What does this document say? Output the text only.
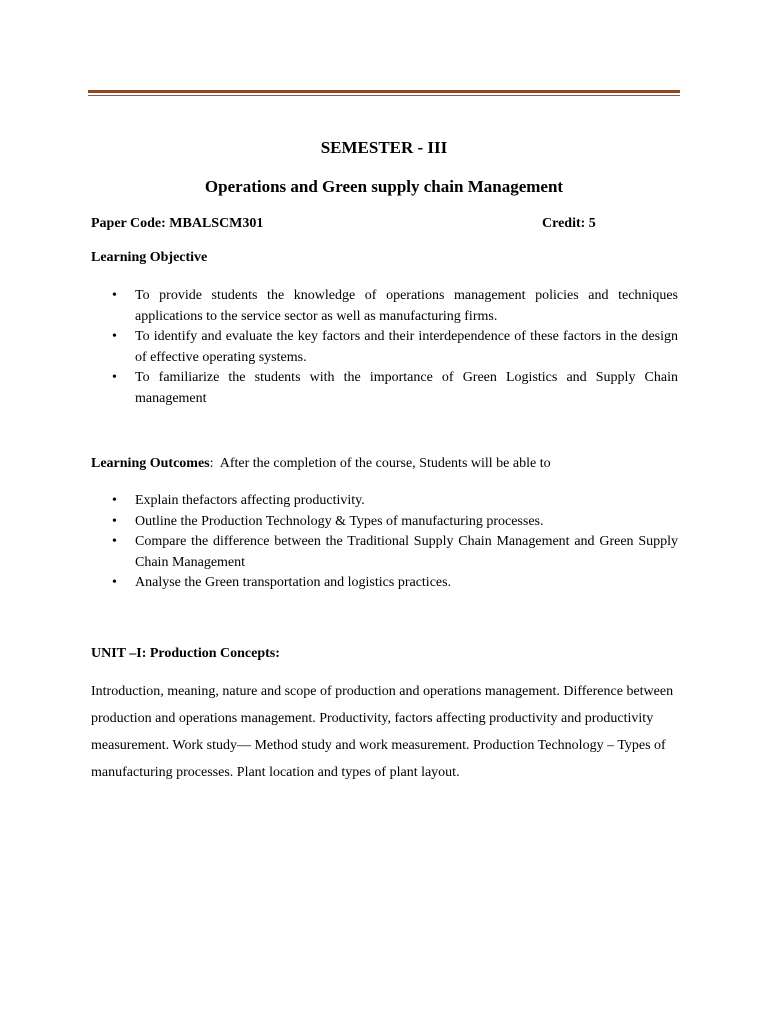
SEMESTER - III
Operations and Green supply chain Management
Paper Code: MBALSCM301	Credit: 5
Learning Objective
• To provide students the knowledge of operations management policies and techniques applications to the service sector as well as manufacturing firms.
• To identify and evaluate the key factors and their interdependence of these factors in the design of effective operating systems.
• To familiarize the students with the importance of Green Logistics and Supply Chain management
Learning Outcomes:  After the completion of the course, Students will be able to
• Explain thefactors affecting productivity.
• Outline the Production Technology & Types of manufacturing processes.
• Compare the difference between the Traditional Supply Chain Management and Green Supply Chain Management
• Analyse the Green transportation and logistics practices.
UNIT –I: Production Concepts:
Introduction, meaning, nature and scope of production and operations management. Difference between production and operations management. Productivity, factors affecting productivity and productivity measurement. Work study— Method study and work measurement. Production Technology – Types of manufacturing processes. Plant location and types of plant layout.
